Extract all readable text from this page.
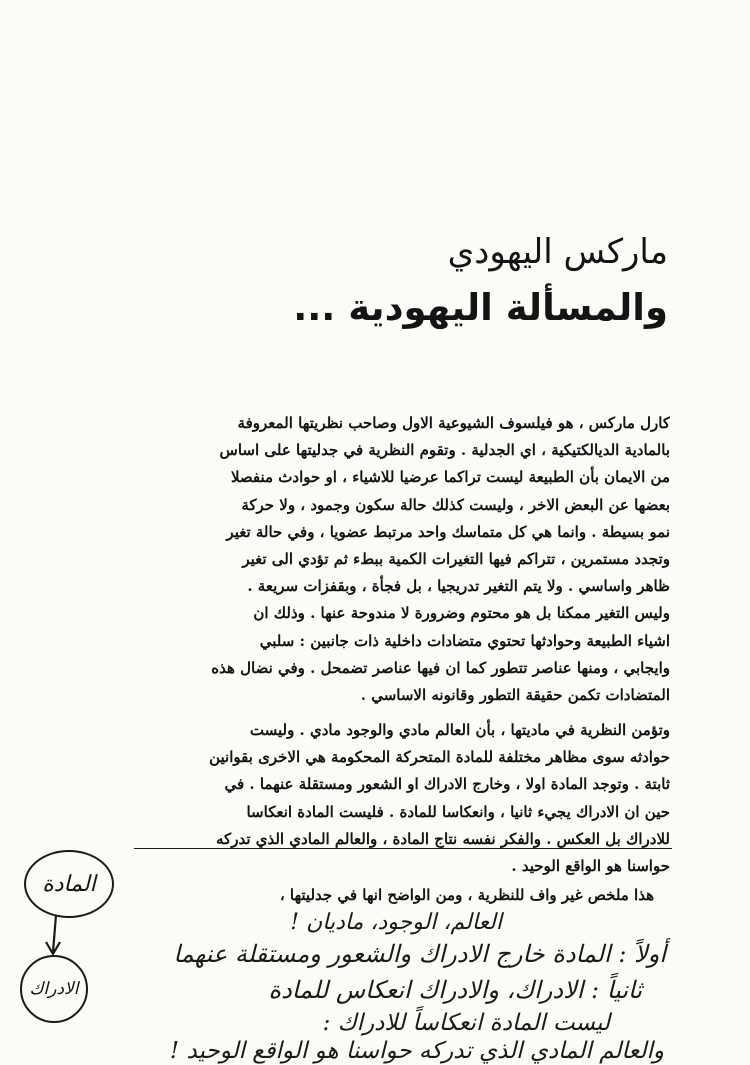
ماركس اليهودي
والمسألة اليهودية ...
كارل ماركس ، هو فيلسوف الشيوعية الاول وصاحب نظريتها المعروفة
بالمادية الديالكتيكية ، اي الجدلية . وتقوم النظرية في جدليتها على اساس
من الايمان بأن الطبيعة ليست تراكما عرضيا للاشياء ، او حوادث منفصلا
بعضها عن البعض الاخر ، وليست كذلك حالة سكون وجمود ، ولا حركة
نمو بسيطة . وانما هي كل متماسك واحد مرتبط عضويا ، وفي حالة تغير
وتجدد مستمرين ، تتراكم فيها التغيرات الكمية ببطء ثم تؤدي الى تغير
ظاهر واساسي . ولا يتم التغير تدريجيا ، بل فجأة ، وبقفزات سريعة .
وليس التغير ممكنا بل هو محتوم وضرورة لا مندوحة عنها . وذلك ان
اشياء الطبيعة وحوادثها تحتوي متضادات داخلية ذات جانبين : سلبي
وايجابي ، ومنها عناصر تتطور كما ان فيها عناصر تضمحل . وفي نضال هذه
المتضادات تكمن حقيقة التطور وقانونه الاساسي .
وتؤمن النظرية في ماديتها ، بأن العالم مادي والوجود مادي . وليست
حوادثه سوى مظاهر مختلفة للمادة المتحركة المحكومة هي الاخرى بقوانين
ثابتة . وتوجد المادة اولا ، وخارج الادراك او الشعور ومستقلة عنهما . في
حين ان الادراك يجيء ثانيا ، وانعكاسا للمادة . فليست المادة انعكاسا
للادراك بل العكس . والفكر نفسه نتاج المادة ، والعالم المادي الذي تدركه
حواسنا هو الواقع الوحيد .
هذا ملخص غير واف للنظرية ، ومن الواضح انها في جدليتها ،
المادة
الادراك
العالم، الوجود، ماديان !
أولاً : المادة خارج الادراك والشعور ومستقلة عنهما
ثانياً : الادراك، والادراك انعكاس للمادة
ليست المادة انعكاساً للادراك :
والعالم المادي الذي تدركه حواسنا هو الواقع الوحيد !
